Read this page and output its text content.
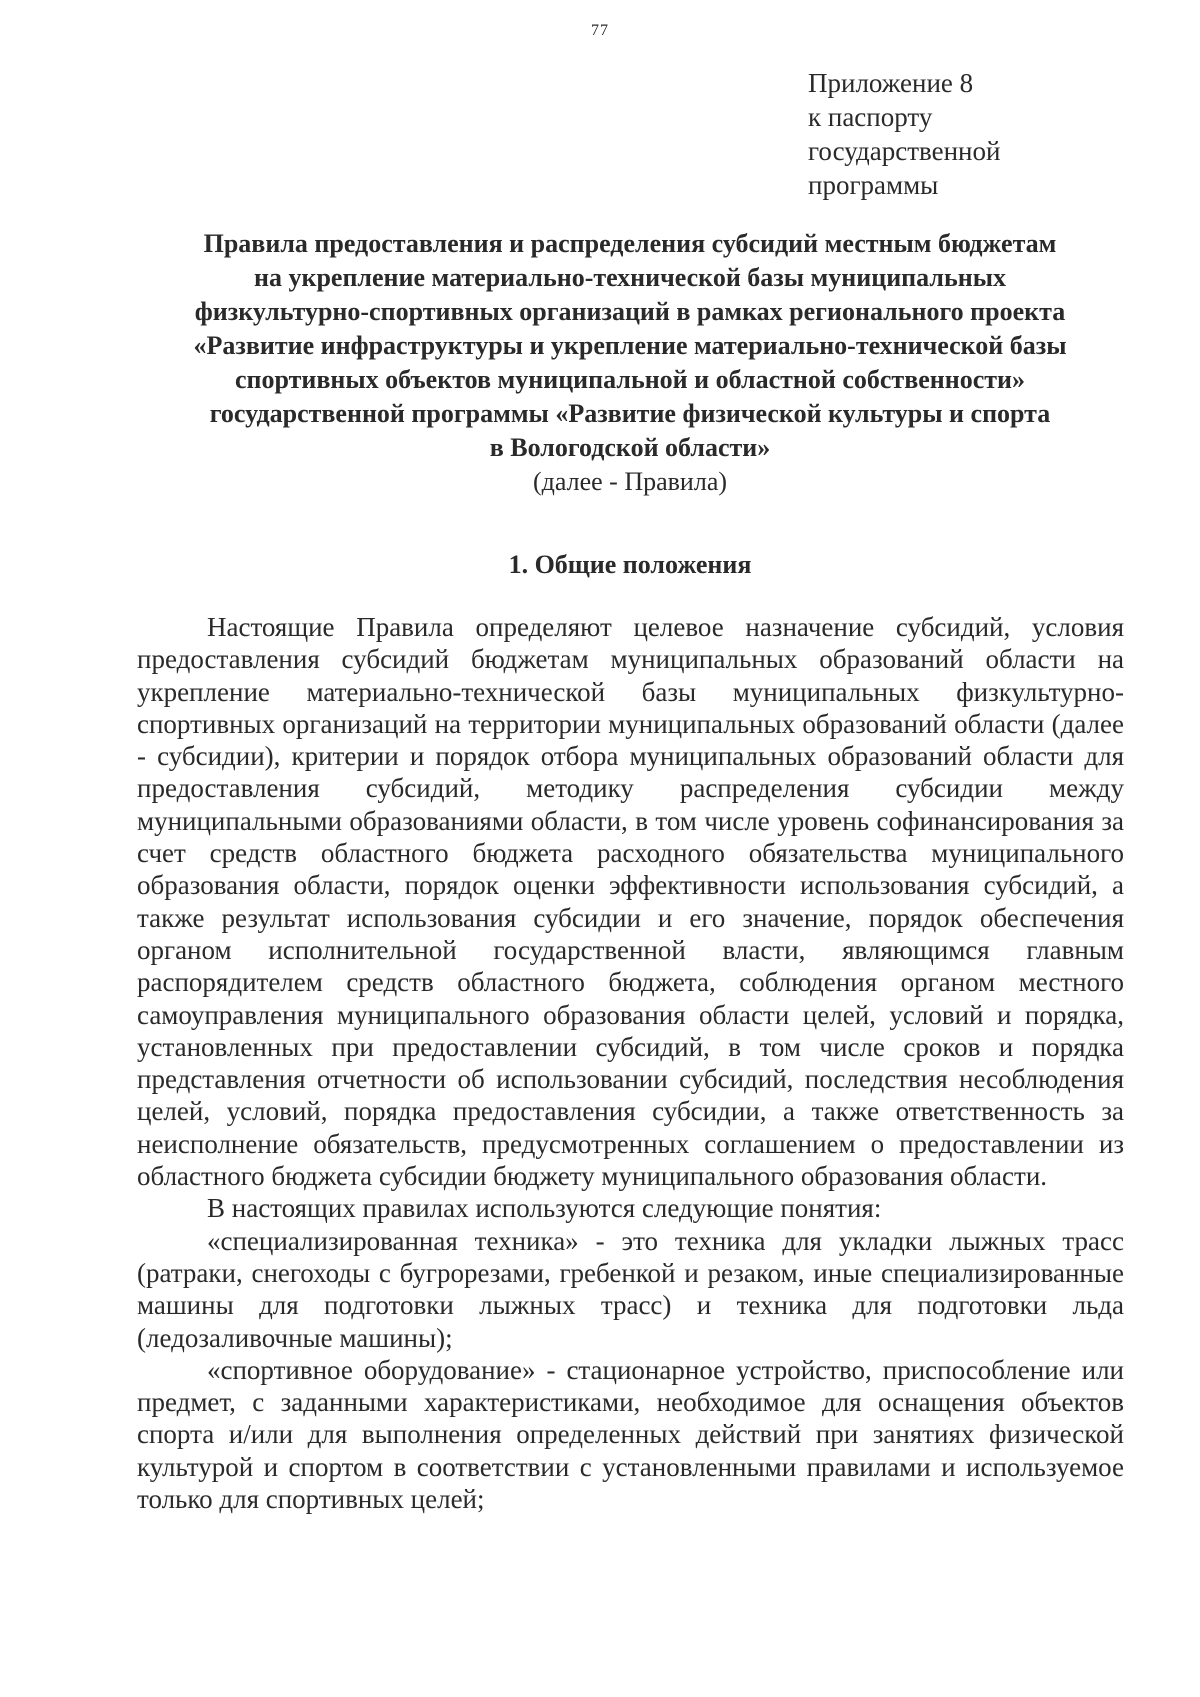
77
Приложение 8
к паспорту
государственной
программы
Правила предоставления и распределения субсидий местным бюджетам
на укрепление материально-технической базы муниципальных
физкультурно-спортивных организаций в рамках регионального проекта
«Развитие инфраструктуры и укрепление материально-технической базы
спортивных объектов муниципальной и областной собственности»
государственной программы «Развитие физической культуры и спорта
в Вологодской области»
(далее - Правила)
1. Общие положения

Настоящие Правила определяют целевое назначение субсидий, условия предоставления субсидий бюджетам муниципальных образований области на укрепление материально-технической базы муниципальных физкультурно-спортивных организаций на территории муниципальных образований области (далее - субсидии), критерии и порядок отбора муниципальных образований области для предоставления субсидий, методику распределения субсидии между муниципальными образованиями области, в том числе уровень софинансирования за счет средств областного бюджета расходного обязательства муниципального образования области, порядок оценки эффективности использования субсидий, а также результат использования субсидии и его значение, порядок обеспечения органом исполнительной государственной власти, являющимся главным распорядителем средств областного бюджета, соблюдения органом местного самоуправления муниципального образования области целей, условий и порядка, установленных при предоставлении субсидий, в том числе сроков и порядка представления отчетности об использовании субсидий, последствия несоблюдения целей, условий, порядка предоставления субсидии, а также ответственность за неисполнение обязательств, предусмотренных соглашением о предоставлении из областного бюджета субсидии бюджету муниципального образования области.

В настоящих правилах используются следующие понятия:

«специализированная техника» - это техника для укладки лыжных трасс (ратраки, снегоходы с бугрорезами, гребенкой и резаком, иные специализированные машины для подготовки лыжных трасс) и техника для подготовки льда (ледозаливочные машины);

«спортивное оборудование» - стационарное устройство, приспособление или предмет, с заданными характеристиками, необходимое для оснащения объектов спорта и/или для выполнения определенных действий при занятиях физической культурой и спортом в соответствии с установленными правилами и используемое только для спортивных целей;
